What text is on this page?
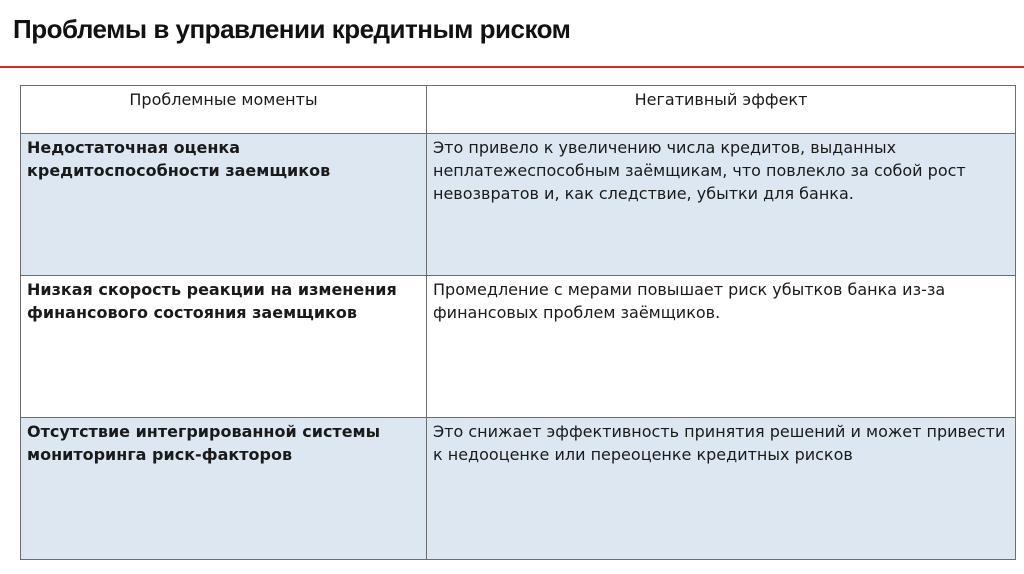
Проблемы в управлении кредитным риском
Проблемные моменты	Негативный эффект

Недостаточная оценка кредитоспособности заемщиков	Это привело к увеличению числа кредитов, выданных неплатежеспособным заёмщикам, что повлекло за собой рост невозвратов и, как следствие, убытки для банка.

Низкая скорость реакции на изменения финансового состояния заемщиков	Промедление с мерами повышает риск убытков банка из-за финансовых проблем заёмщиков.

Отсутствие интегрированной системы мониторинга риск-факторов	Это снижает эффективность принятия решений и может привести к недооценке или переоценке кредитных рисков
